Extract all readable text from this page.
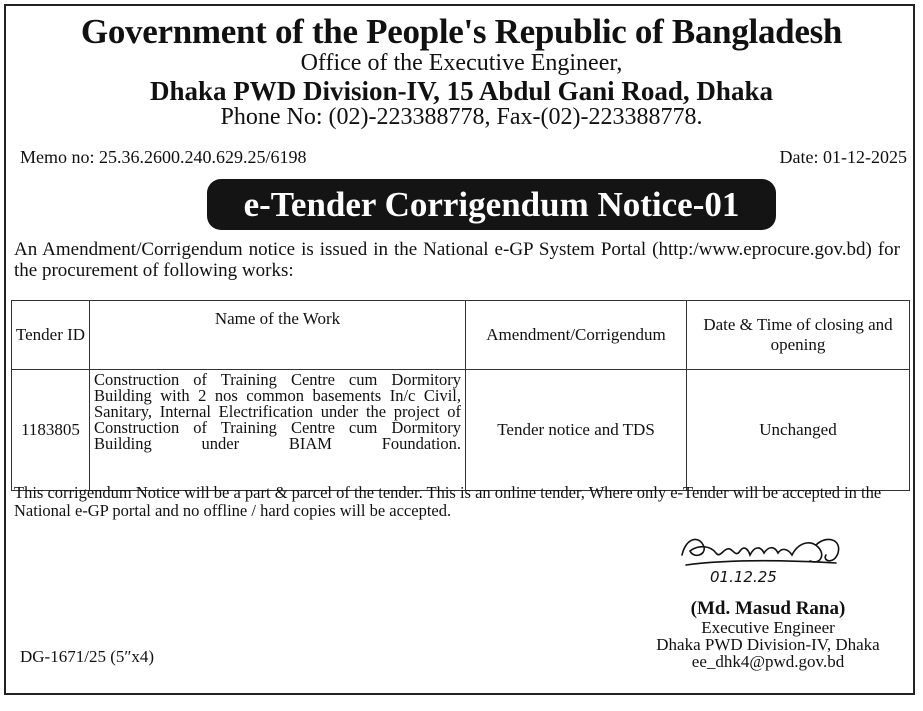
Government of the People's Republic of Bangladesh
Office of the Executive Engineer,
Dhaka PWD Division-IV, 15 Abdul Gani Road, Dhaka
Phone No: (02)-223388778, Fax-(02)-223388778.
Memo no: 25.36.2600.240.629.25/6198	Date: 01-12-2025
e-Tender Corrigendum Notice-01
An Amendment/Corrigendum notice is issued in the National e-GP System Portal (http:/www.eprocure.gov.bd) for the procurement of following works:
Tender ID	Name of the Work	Amendment/Corrigendum	Date & Time of closing and opening
1183805	Construction of Training Centre cum Dormitory Building with 2 nos common basements In/c Civil, Sanitary, Internal Electrification under the project of Construction of Training Centre cum Dormitory Building under BIAM Foundation.	Tender notice and TDS	Unchanged
This corrigendum Notice will be a part & parcel of the tender. This is an online tender, Where only e-Tender will be accepted in the National e-GP portal and no offline / hard copies will be accepted.
01.12.25
(Md. Masud Rana)
Executive Engineer
Dhaka PWD Division-IV, Dhaka
ee_dhk4@pwd.gov.bd
DG-1671/25 (5″x4)
